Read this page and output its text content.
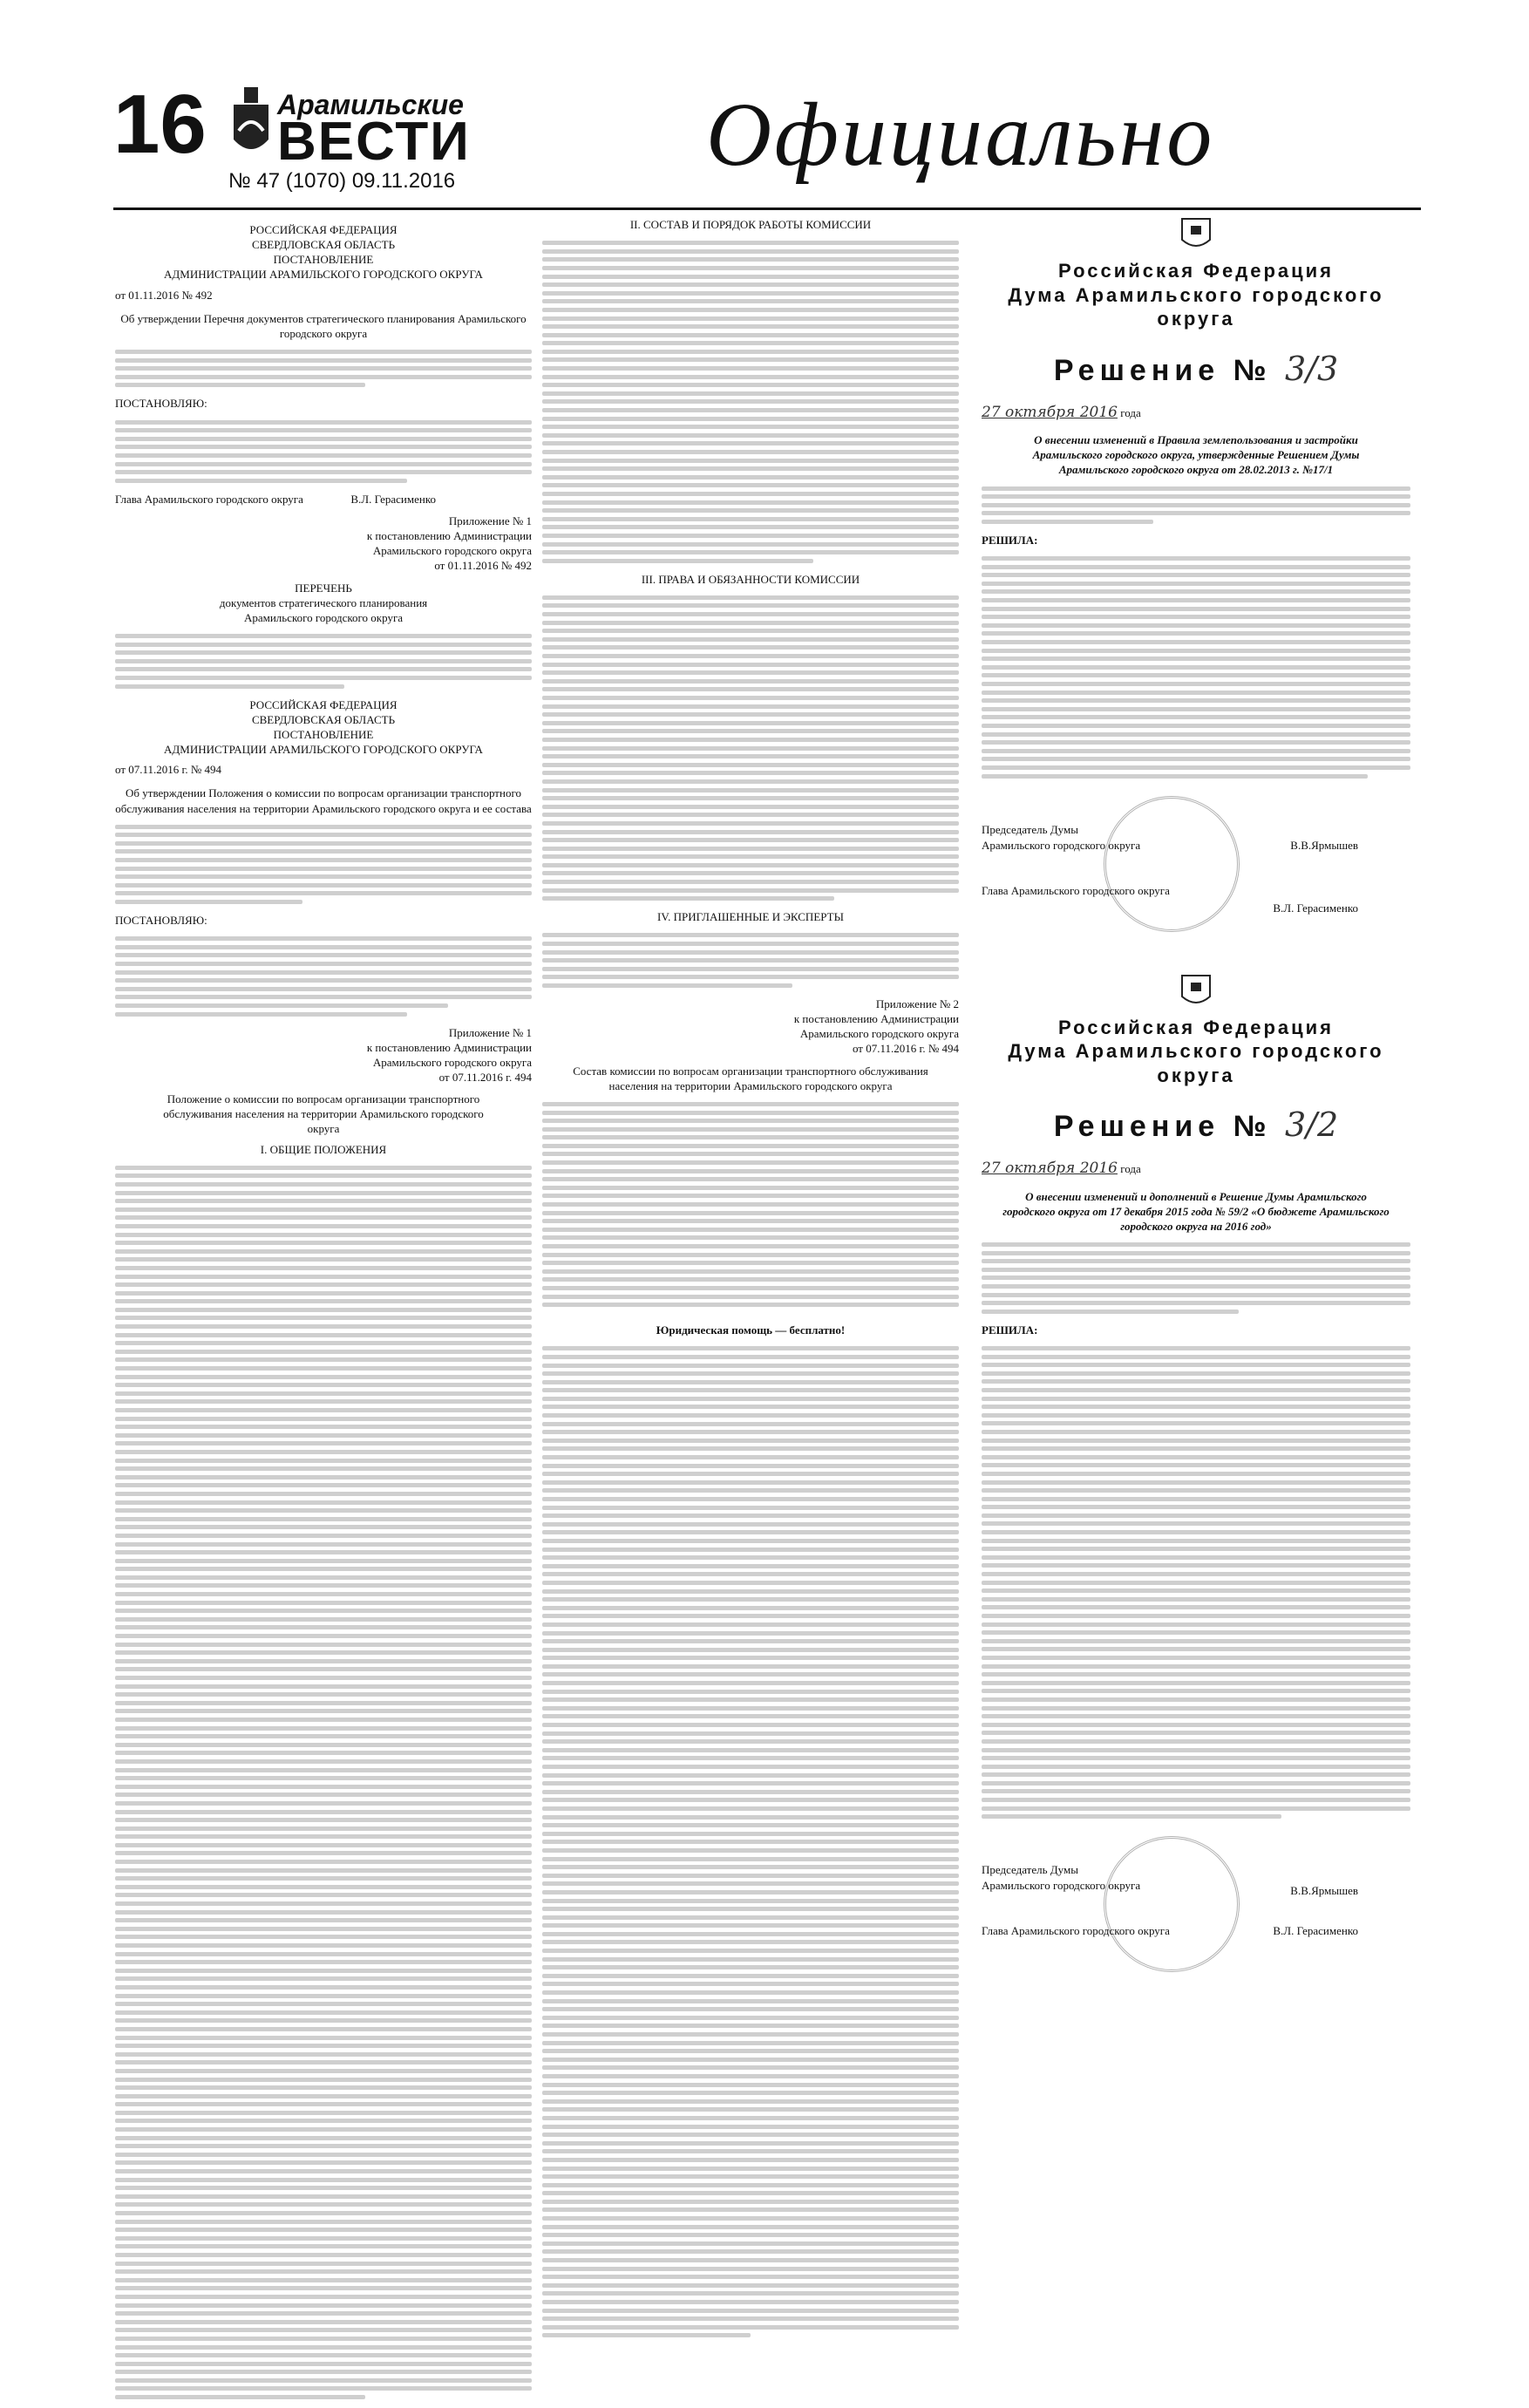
16	Арамильские
ВЕСТИ
№ 47 (1070) 09.11.2016	Официально
РОССИЙСКАЯ ФЕДЕРАЦИЯ
СВЕРДЛОВСКАЯ ОБЛАСТЬ
ПОСТАНОВЛЕНИЕ
АДМИНИСТРАЦИИ АРАМИЛЬСКОГО ГОРОДСКОГО ОКРУГА
от 01.11.2016 № 492
Об утверждении Перечня документов стратегического планирования Арамильского городского округа
ПОСТАНОВЛЯЮ:
Глава Арамильского городского округа	В.Л. Герасименко
Приложение № 1
к постановлению Администрации
Арамильского городского округа
от 01.11.2016 № 492
ПЕРЕЧЕНЬ
документов стратегического планирования Арамильского городского округа
РОССИЙСКАЯ ФЕДЕРАЦИЯ
СВЕРДЛОВСКАЯ ОБЛАСТЬ
ПОСТАНОВЛЕНИЕ
АДМИНИСТРАЦИИ АРАМИЛЬСКОГО ГОРОДСКОГО ОКРУГА
от 07.11.2016 г. № 494
Об утверждении Положения о комиссии по вопросам организации транспортного обслуживания населения на территории Арамильского городского округа и ее состава
ПОСТАНОВЛЯЮ:
Приложение № 1
к постановлению Администрации
Арамильского городского округа
от 07.11.2016 г. 494
Положение о комиссии по вопросам организации транспортного обслуживания населения на территории Арамильского городского округа
I. ОБЩИЕ ПОЛОЖЕНИЯ
II. СОСТАВ И ПОРЯДОК РАБОТЫ КОМИССИИ
III. ПРАВА И ОБЯЗАННОСТИ КОМИССИИ
IV. ПРИГЛАШЕННЫЕ И ЭКСПЕРТЫ
Приложение № 2
к постановлению Администрации
Арамильского городского округа
от 07.11.2016 г. № 494
Состав комиссии по вопросам организации транспортного обслуживания населения на территории Арамильского городского округа
Юридическая помощь — бесплатно!
Российская Федерация
Дума Арамильского городского округа
Решение № 3/3
27 октября 2016 года
О внесении изменений в Правила землепользования и застройки Арамильского городского округа, утвержденные Решением Думы Арамильского городского округа от 28.02.2013 г. №17/1
РЕШИЛА:
Председатель Думы
Арамильского городского округа	В.В.Ярмышев
Глава Арамильского городского округа
В.Л. Герасименко
Российская Федерация
Дума Арамильского городского округа
Решение № 3/2
27 октября 2016 года
О внесении изменений и дополнений в Решение Думы Арамильского городского округа от 17 декабря 2015 года № 59/2 «О бюджете Арамильского городского округа на 2016 год»
РЕШИЛА:
Председатель Думы
Арамильского городского округа	В.В.Ярмышев
Глава Арамильского городского округа	В.Л. Герасименко
